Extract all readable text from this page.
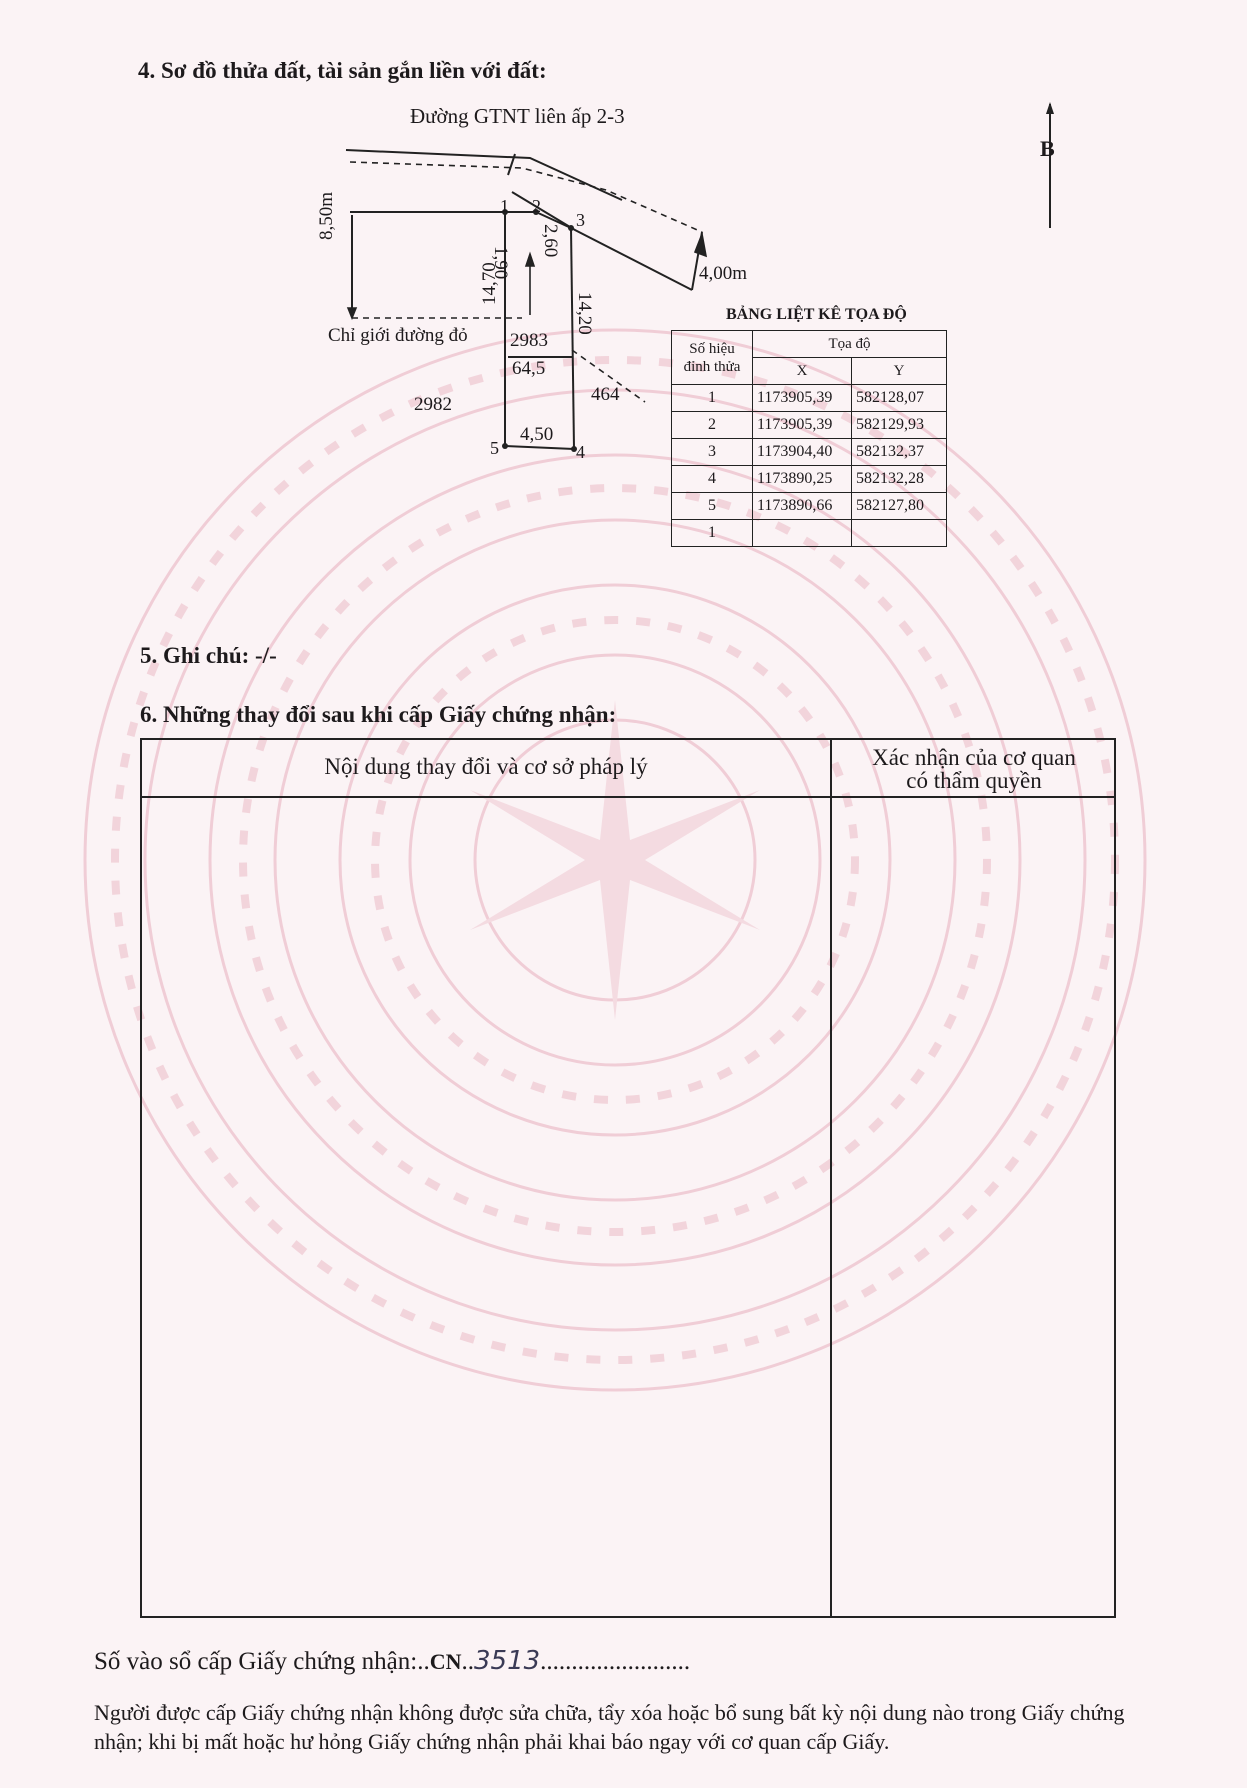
4. Sơ đồ thửa đất, tài sản gắn liền với đất:
Đường GTNT liên ấp 2-3
8,50m
14,70
1,90
2,60
14,20
4,50
4,00m
1 2
3
4
5
Chỉ giới đường đỏ 2983
64,5
2982	464
B
BẢNG LIỆT KÊ TỌA ĐỘ
Số hiệu đỉnh thửa	Tọa độ	
	X	Y
1	1173905,39	582128,07
2	1173905,39	582129,93
3	1173904,40	582132,37
4	1173890,25	582132,28
5	1173890,66	582127,80
1		
5. Ghi chú: -/-
6. Những thay đổi sau khi cấp Giấy chứng nhận:
Nội dung thay đổi và cơ sở pháp lý	Xác nhận của cơ quan
có thẩm quyền
Số vào sổ cấp Giấy chứng nhận:..CN..3513........................
Người được cấp Giấy chứng nhận không được sửa chữa, tẩy xóa hoặc bổ sung bất kỳ nội dung nào trong Giấy chứng nhận; khi bị mất hoặc hư hỏng Giấy chứng nhận phải khai báo ngay với cơ quan cấp Giấy.
